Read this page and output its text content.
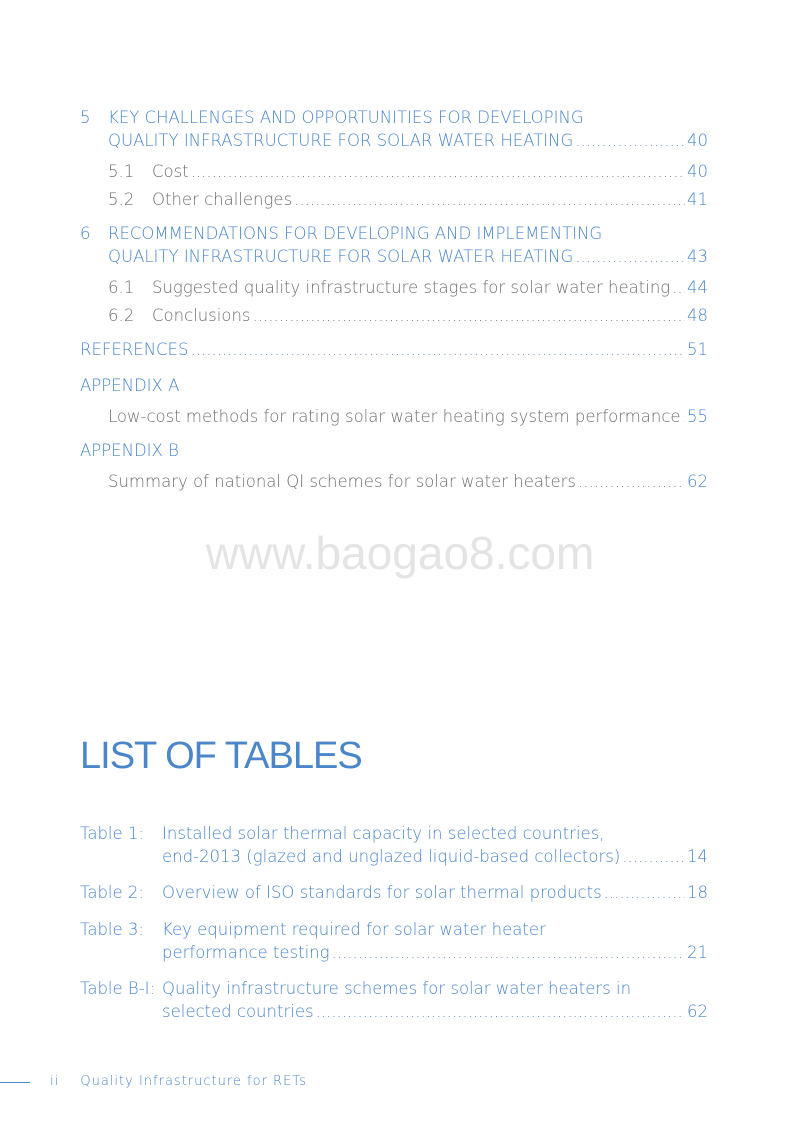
5 KEY CHALLENGES AND OPPORTUNITIES FOR DEVELOPING
QUALITY INFRASTRUCTURE FOR SOLAR WATER HEATING .....	40
5.1 Cost .....	40
5.2 Other challenges .....	41
6 RECOMMENDATIONS FOR DEVELOPING AND IMPLEMENTING
QUALITY INFRASTRUCTURE FOR SOLAR WATER HEATING .....	43
6.1 Suggested quality infrastructure stages for solar water heating ..... 44
6.2 Conclusions .....	48
REFERENCES .....	51
APPENDIX A
Low-cost methods for rating solar water heating system performance ..... 55
APPENDIX B
Summary of national QI schemes for solar water heaters .....	62
www.baogao8.com
LIST OF TABLES
Table 1: Installed solar thermal capacity in selected countries,
end-2013 (glazed and unglazed liquid-based collectors) .....	14
Table 2: Overview of ISO standards for solar thermal products .....	18
Table 3: Key equipment required for solar water heater
performance testing .....	21
Table B-I: Quality infrastructure schemes for solar water heaters in
selected countries .....	62
ii Quality Infrastructure for RETs
